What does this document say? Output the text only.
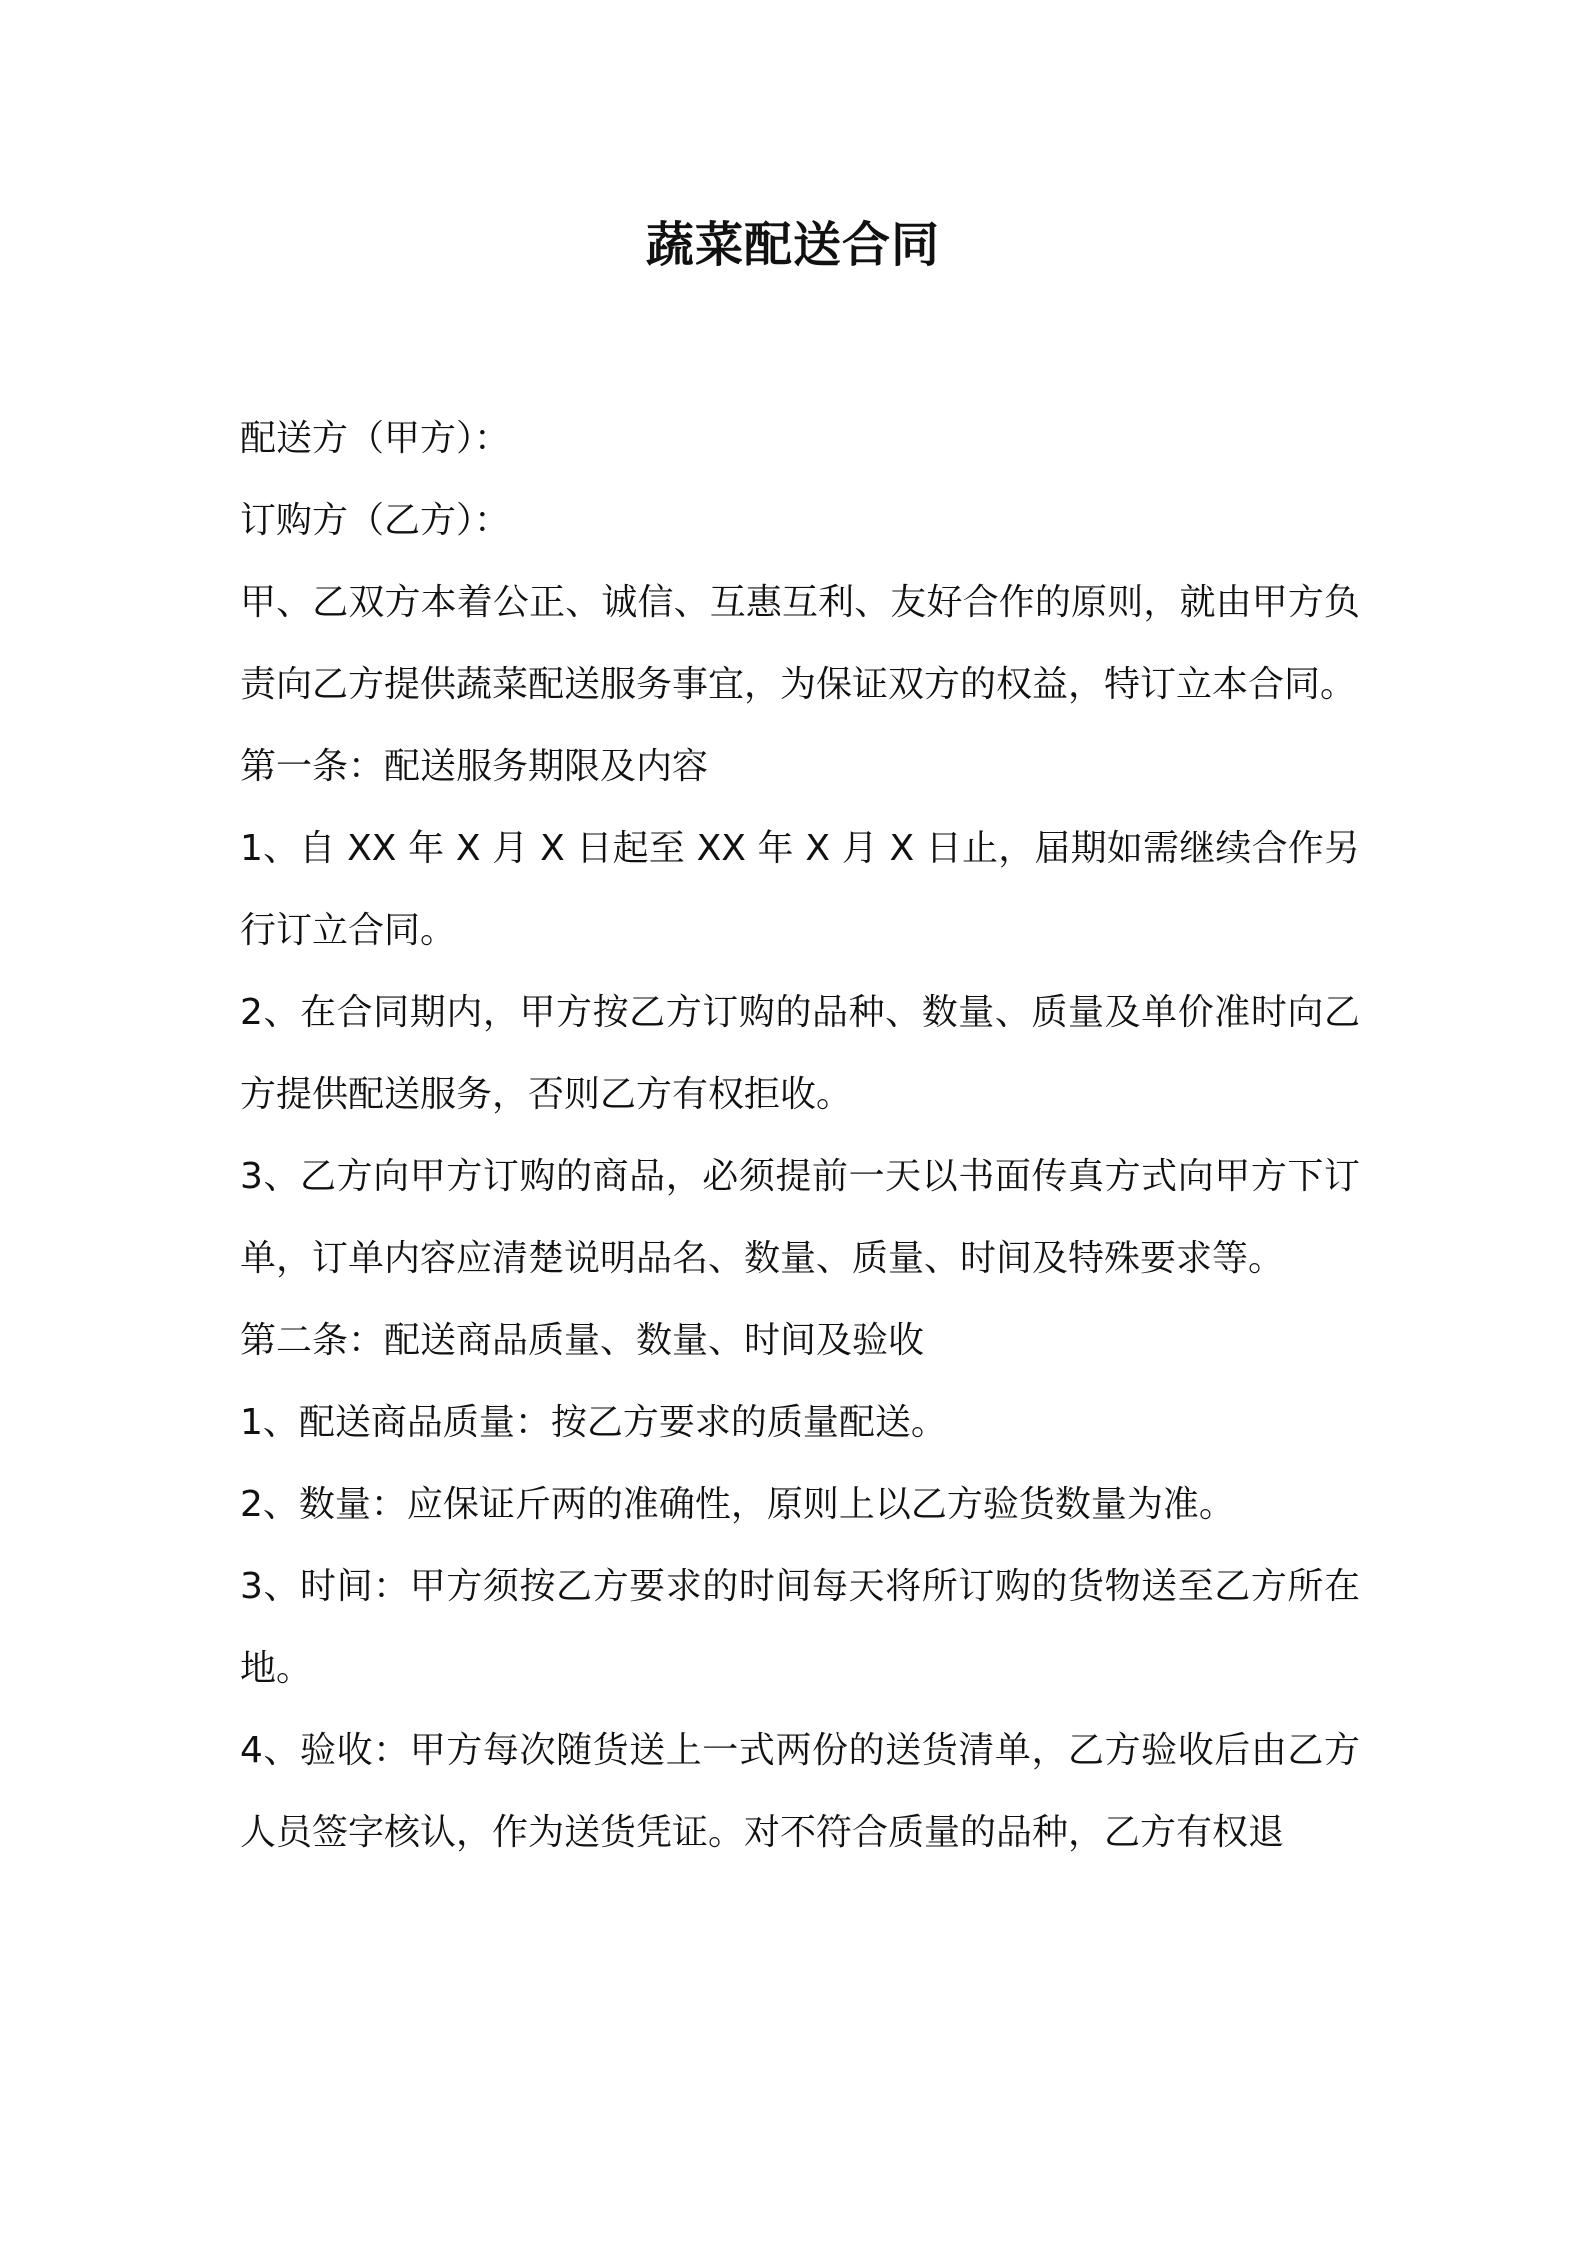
蔬菜配送合同

配送方（甲方）：

订购方（乙方）：

甲、乙双方本着公正、诚信、互惠互利、友好合作的原则，就由甲方负责向乙方提供蔬菜配送服务事宜，为保证双方的权益，特订立本合同。

第一条：配送服务期限及内容

1、自 XX 年 X 月 X 日起至 XX 年 X 月 X 日止，届期如需继续合作另行订立合同。

2、在合同期内，甲方按乙方订购的品种、数量、质量及单价准时向乙方提供配送服务，否则乙方有权拒收。

3、乙方向甲方订购的商品，必须提前一天以书面传真方式向甲方下订单，订单内容应清楚说明品名、数量、质量、时间及特殊要求等。

第二条：配送商品质量、数量、时间及验收

1、配送商品质量：按乙方要求的质量配送。

2、数量：应保证斤两的准确性，原则上以乙方验货数量为准。

3、时间：甲方须按乙方要求的时间每天将所订购的货物送至乙方所在地。

4、验收：甲方每次随货送上一式两份的送货清单，乙方验收后由乙方人员签字核认，作为送货凭证。对不符合质量的品种，乙方有权退
